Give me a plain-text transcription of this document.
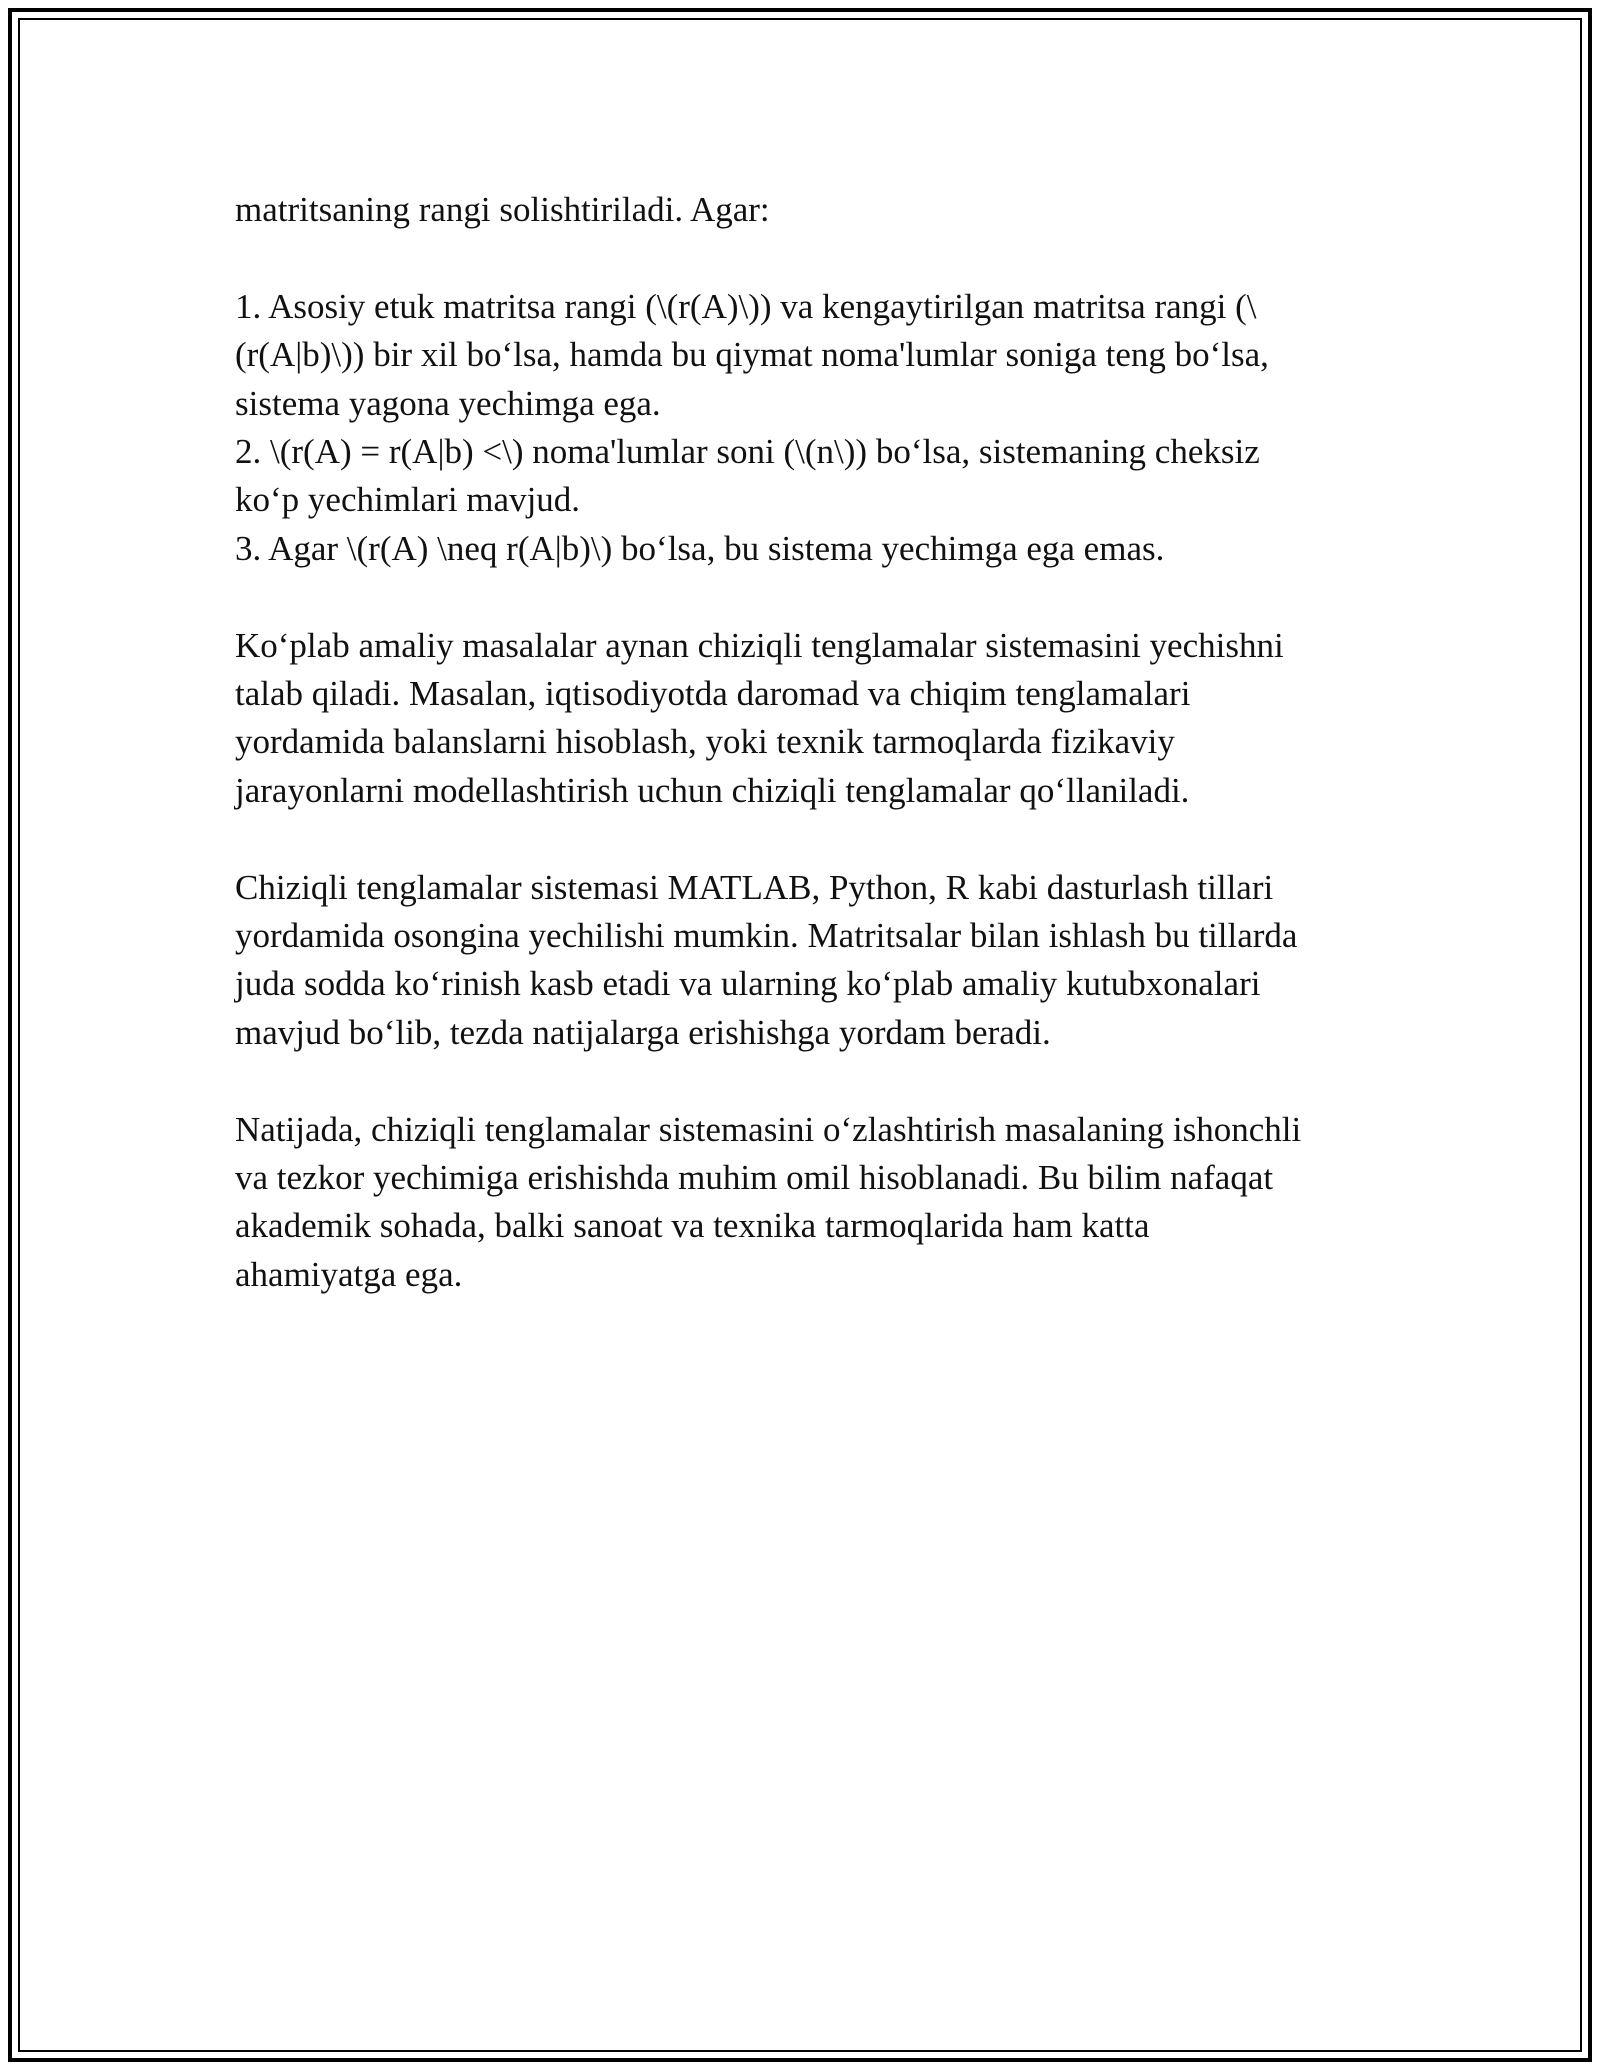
matritsaning rangi solishtiriladi. Agar:
1. Asosiy etuk matritsa rangi (\(r(A)\)) va kengaytirilgan matritsa rangi (\
(r(A|b)\)) bir xil bo‘lsa, hamda bu qiymat noma'lumlar soniga teng bo‘lsa,
sistema yagona yechimga ega.
2. \(r(A) = r(A|b) <\) noma'lumlar soni (\(n\)) bo‘lsa, sistemaning cheksiz
ko‘p yechimlari mavjud.
3. Agar \(r(A) \neq r(A|b)\) bo‘lsa, bu sistema yechimga ega emas.
Ko‘plab amaliy masalalar aynan chiziqli tenglamalar sistemasini yechishni
talab qiladi. Masalan, iqtisodiyotda daromad va chiqim tenglamalari
yordamida balanslarni hisoblash, yoki texnik tarmoqlarda fizikaviy
jarayonlarni modellashtirish uchun chiziqli tenglamalar qo‘llaniladi.
Chiziqli tenglamalar sistemasi MATLAB, Python, R kabi dasturlash tillari
yordamida osongina yechilishi mumkin. Matritsalar bilan ishlash bu tillarda
juda sodda ko‘rinish kasb etadi va ularning ko‘plab amaliy kutubxonalari
mavjud bo‘lib, tezda natijalarga erishishga yordam beradi.
Natijada, chiziqli tenglamalar sistemasini o‘zlashtirish masalaning ishonchli
va tezkor yechimiga erishishda muhim omil hisoblanadi. Bu bilim nafaqat
akademik sohada, balki sanoat va texnika tarmoqlarida ham katta
ahamiyatga ega.
